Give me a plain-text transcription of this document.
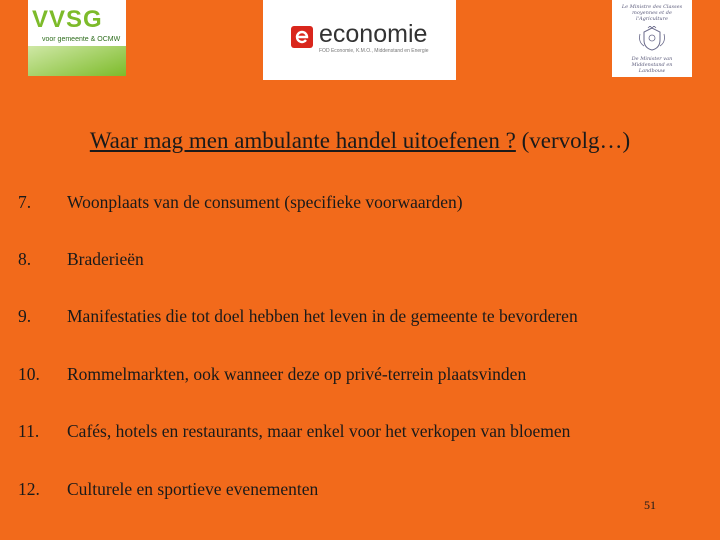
VVSG
voor gemeente & OCMW	economie
FOD Economie, K.M.O., Middenstand en Energie
Le Ministre des Classes moyennes et de l'Agriculture
De Minister van Middenstand en Landbouw
Waar mag men ambulante handel uitoefenen ? (vervolg…)
7. Woonplaats van de consument (specifieke voorwaarden)
8. Braderieën
9. Manifestaties die tot doel hebben het leven in de gemeente te bevorderen
10. Rommelmarkten, ook wanneer deze op privé-terrein plaatsvinden
11. Cafés, hotels en restaurants, maar enkel voor het verkopen van bloemen
12. Culturele en sportieve evenementen
51
